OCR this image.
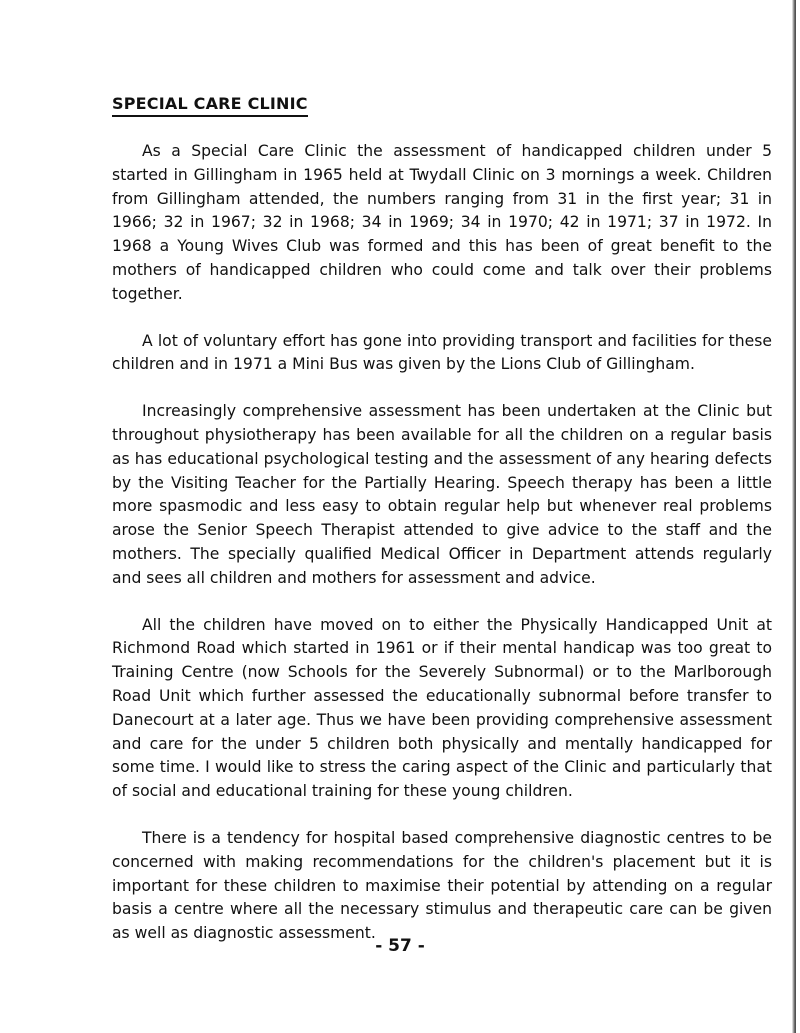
SPECIAL CARE CLINIC

As a Special Care Clinic the assessment of handicapped children under 5 started in Gillingham in 1965 held at Twydall Clinic on 3 mornings a week. Children from Gillingham attended, the numbers ranging from 31 in the first year; 31 in 1966; 32 in 1967; 32 in 1968; 34 in 1969; 34 in 1970; 42 in 1971; 37 in 1972. In 1968 a Young Wives Club was formed and this has been of great benefit to the mothers of handicapped children who could come and talk over their problems together.

A lot of voluntary effort has gone into providing transport and facilities for these children and in 1971 a Mini Bus was given by the Lions Club of Gillingham.

Increasingly comprehensive assessment has been undertaken at the Clinic but throughout physiotherapy has been available for all the children on a regular basis as has educational psychological testing and the assessment of any hearing defects by the Visiting Teacher for the Partially Hearing. Speech therapy has been a little more spasmodic and less easy to obtain regular help but whenever real problems arose the Senior Speech Therapist attended to give advice to the staff and the mothers. The specially qualified Medical Officer in Department attends regularly and sees all children and mothers for assessment and advice.

All the children have moved on to either the Physically Handicapped Unit at Richmond Road which started in 1961 or if their mental handicap was too great to Training Centre (now Schools for the Severely Subnormal) or to the Marlborough Road Unit which further assessed the educationally subnormal before transfer to Danecourt at a later age. Thus we have been providing comprehensive assessment and care for the under 5 children both physically and mentally handicapped for some time. I would like to stress the caring aspect of the Clinic and particularly that of social and educational training for these young children.

There is a tendency for hospital based comprehensive diagnostic centres to be concerned with making recommendations for the children's placement but it is important for these children to maximise their potential by attending on a regular basis a centre where all the necessary stimulus and therapeutic care can be given as well as diagnostic assessment.

- 57 -
